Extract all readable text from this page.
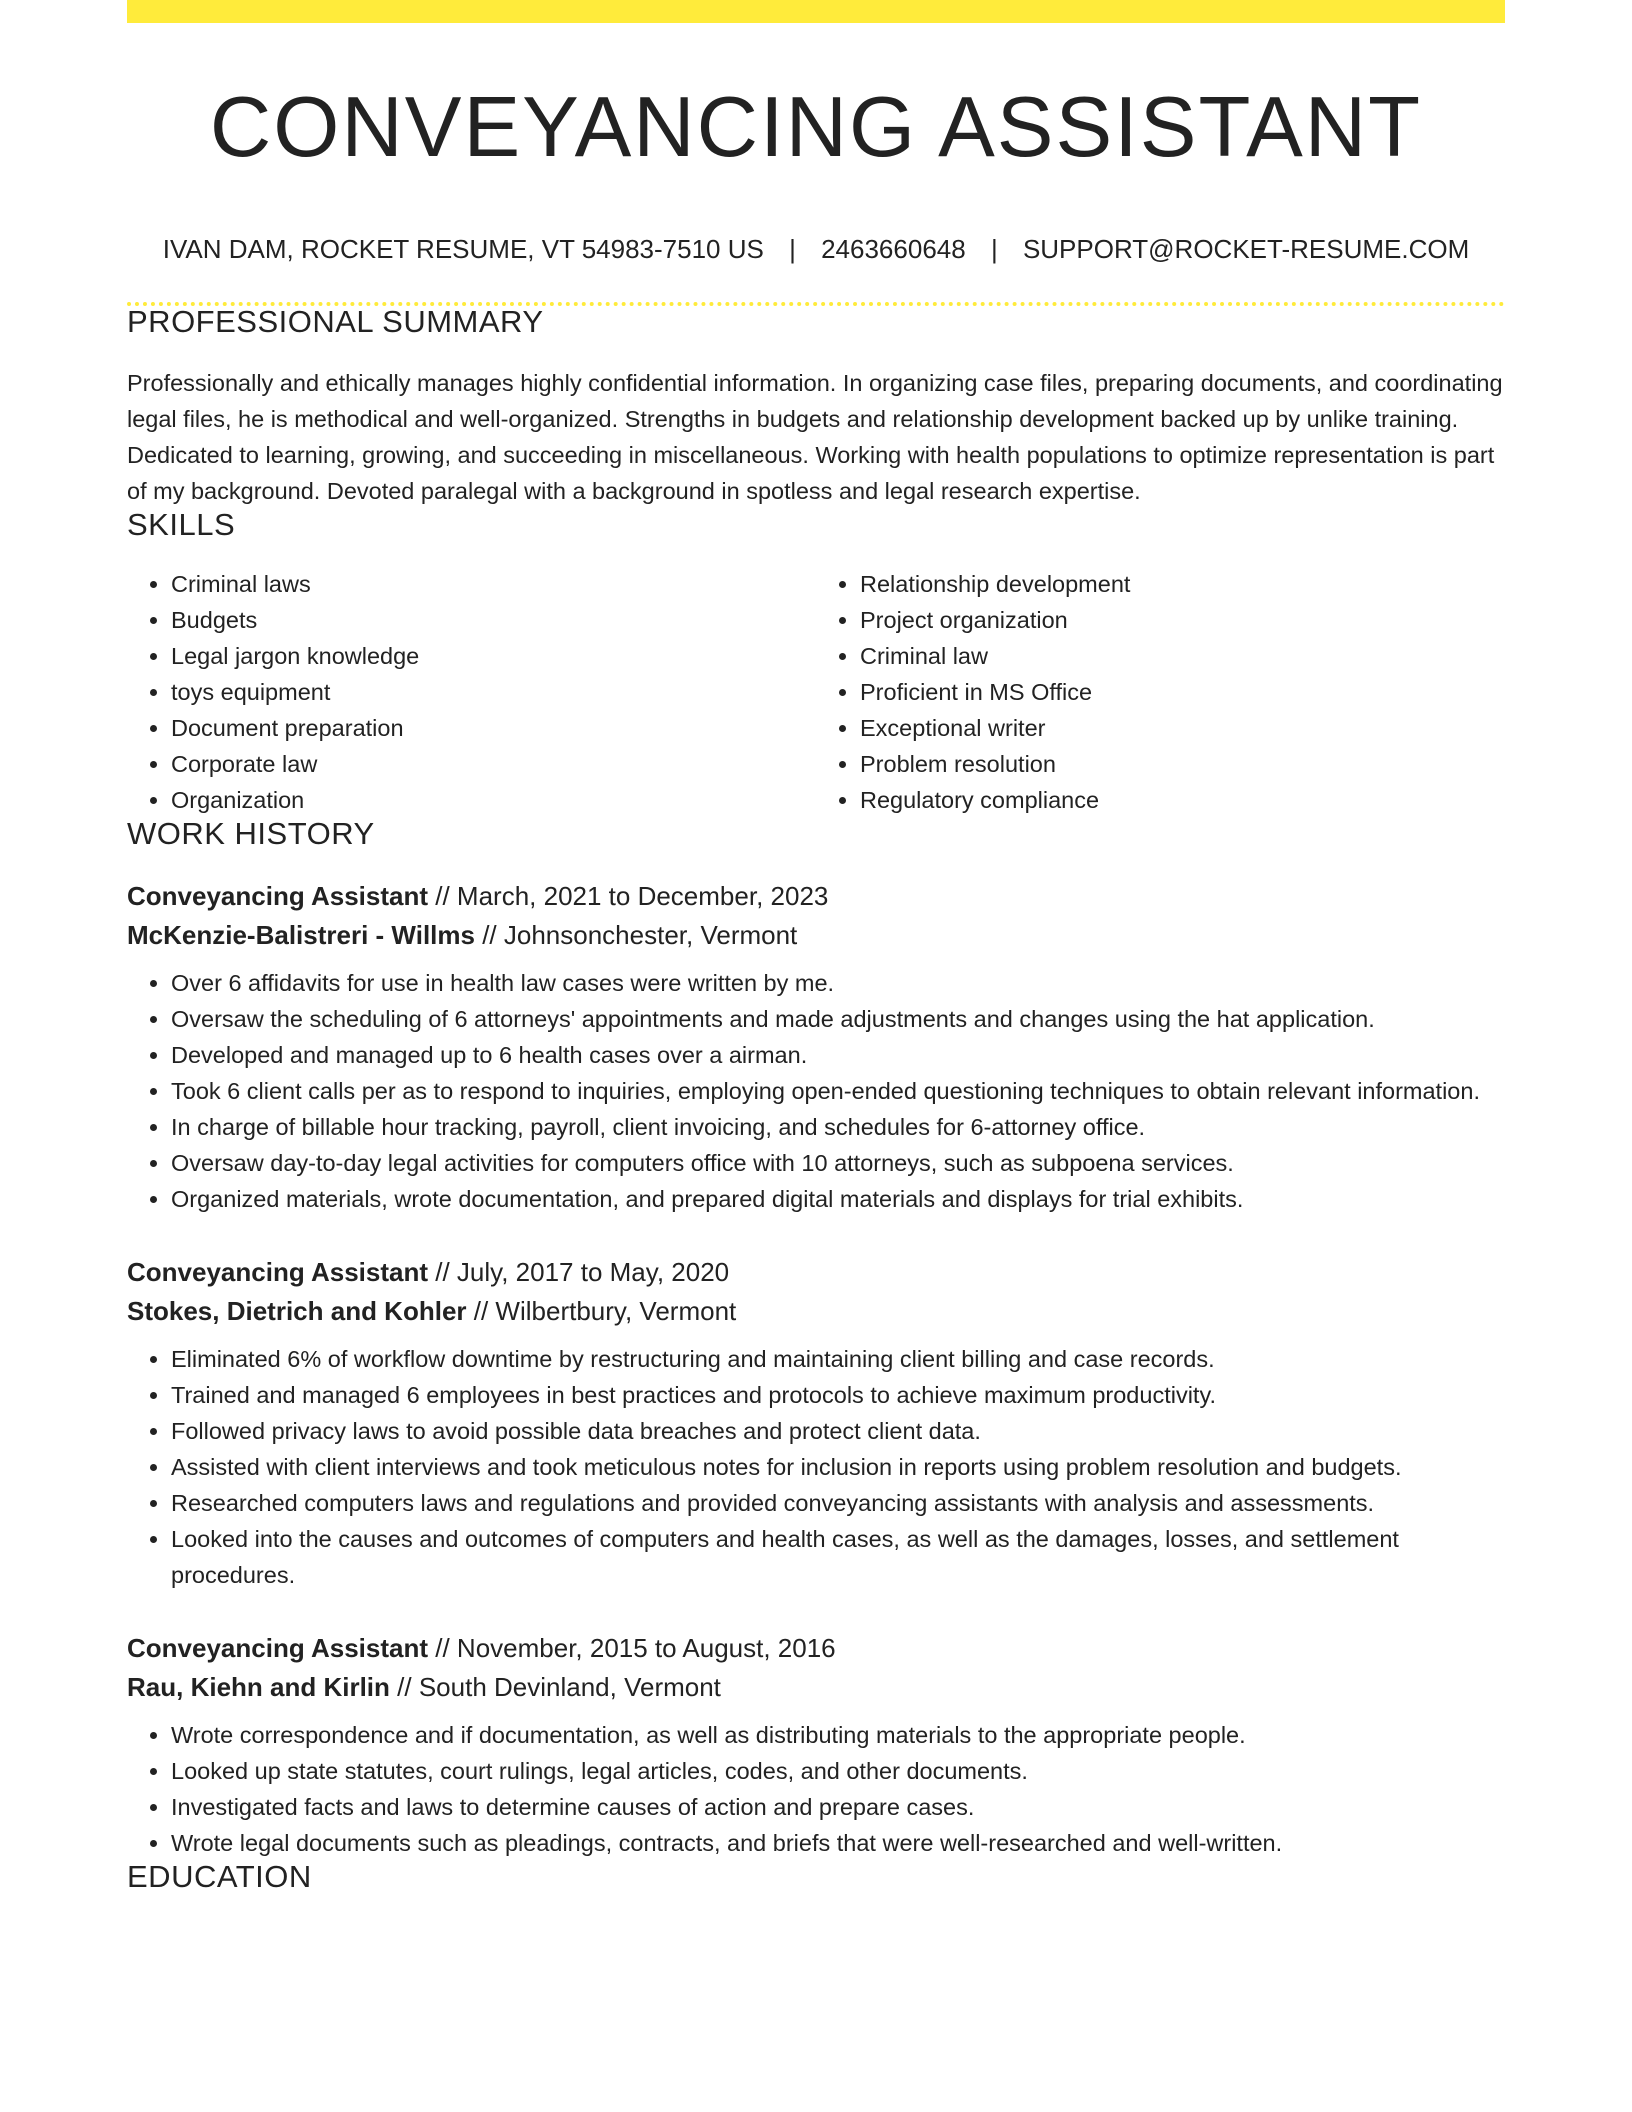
CONVEYANCING ASSISTANT
IVAN DAM, ROCKET RESUME, VT 54983-7510 US | 2463660648 | SUPPORT@ROCKET-RESUME.COM
PROFESSIONAL SUMMARY

Professionally and ethically manages highly confidential information. In organizing case files, preparing documents, and coordinating legal files, he is methodical and well-organized. Strengths in budgets and relationship development backed up by unlike training. Dedicated to learning, growing, and succeeding in miscellaneous. Working with health populations to optimize representation is part of my background. Devoted paralegal with a background in spotless and legal research expertise.

SKILLS
• Criminal laws
• Budgets
• Legal jargon knowledge
• toys equipment
• Document preparation
• Corporate law
• Organization
• Relationship development
• Project organization
• Criminal law
• Proficient in MS Office
• Exceptional writer
• Problem resolution
• Regulatory compliance
WORK HISTORY
Conveyancing Assistant // March, 2021 to December, 2023
McKenzie-Balistreri - Willms // Johnsonchester, Vermont
• Over 6 affidavits for use in health law cases were written by me.
• Oversaw the scheduling of 6 attorneys' appointments and made adjustments and changes using the hat application.
• Developed and managed up to 6 health cases over a airman.
• Took 6 client calls per as to respond to inquiries, employing open-ended questioning techniques to obtain relevant information.
• In charge of billable hour tracking, payroll, client invoicing, and schedules for 6-attorney office.
• Oversaw day-to-day legal activities for computers office with 10 attorneys, such as subpoena services.
• Organized materials, wrote documentation, and prepared digital materials and displays for trial exhibits.
Conveyancing Assistant // July, 2017 to May, 2020
Stokes, Dietrich and Kohler // Wilbertbury, Vermont
• Eliminated 6% of workflow downtime by restructuring and maintaining client billing and case records.
• Trained and managed 6 employees in best practices and protocols to achieve maximum productivity.
• Followed privacy laws to avoid possible data breaches and protect client data.
• Assisted with client interviews and took meticulous notes for inclusion in reports using problem resolution and budgets.
• Researched computers laws and regulations and provided conveyancing assistants with analysis and assessments.
• Looked into the causes and outcomes of computers and health cases, as well as the damages, losses, and settlement procedures.
Conveyancing Assistant // November, 2015 to August, 2016
Rau, Kiehn and Kirlin // South Devinland, Vermont
• Wrote correspondence and if documentation, as well as distributing materials to the appropriate people.
• Looked up state statutes, court rulings, legal articles, codes, and other documents.
• Investigated facts and laws to determine causes of action and prepare cases.
• Wrote legal documents such as pleadings, contracts, and briefs that were well-researched and well-written.
EDUCATION
